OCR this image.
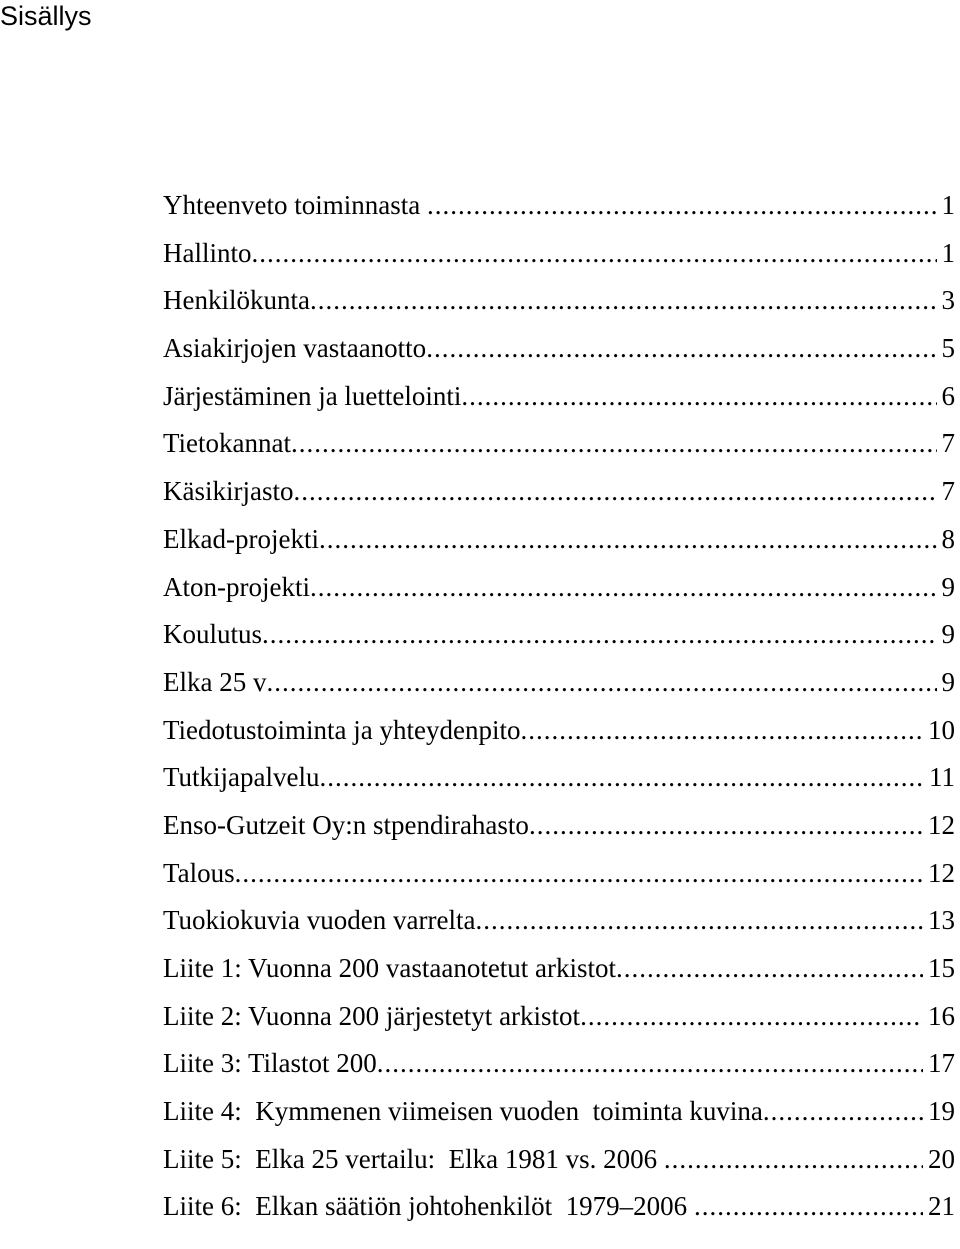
Sisällys
Yhteenveto toiminnasta .....	1
Hallinto .....	1
Henkilökunta .....	3
Asiakirjojen vastaanotto .....	5
Järjestäminen ja luettelointi .....	6
Tietokannat .....	7
Käsikirjasto .....	7
Elkad-projekti .....	8
Aton-projekti .....	9
Koulutus .....	9
Elka 25 v .....	9
Tiedotustoiminta ja yhteydenpito .....	10
Tutkijapalvelu .....	11
Enso-Gutzeit Oy:n stpendirahasto .....	12
Talous .....	12
Tuokiokuvia vuoden varrelta .....	13
Liite 1: Vuonna 200 vastaanotetut arkistot .....	15
Liite 2: Vuonna 200 järjestetyt arkistot .....	16
Liite 3: Tilastot 200 .....	17
Liite 4:  Kymmenen viimeisen vuoden  toiminta kuvina .....	19
Liite 5:  Elka 25 vertailu:  Elka 1981 vs. 2006 .....	20
Liite 6:  Elkan säätiön johtohenkilöt  1979–2006 .....	21
